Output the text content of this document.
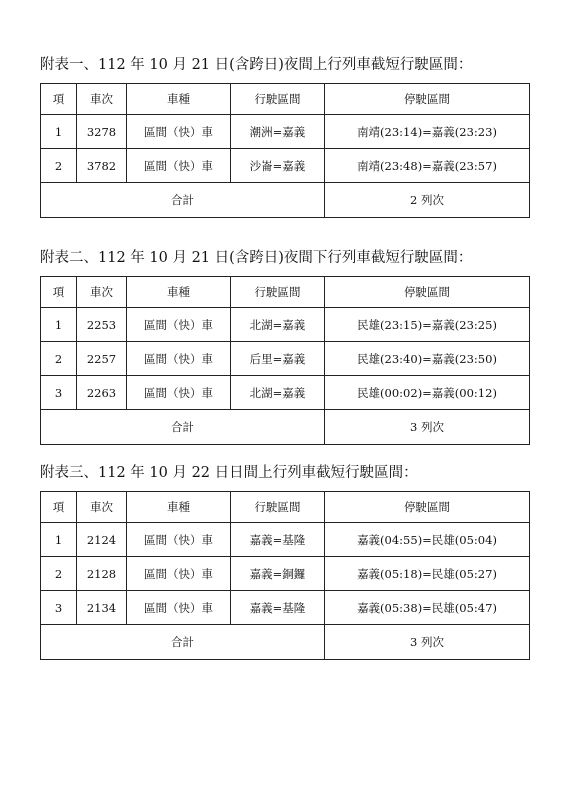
附表一、112 年 10 月 21 日(含跨日)夜間上行列車截短行駛區間：
項	車次	車種	行駛區間	停駛區間
1	3278	區間（快）車	潮洲=嘉義	南靖(23:14)=嘉義(23:23)
2	3782	區間（快）車	沙崙=嘉義	南靖(23:48)=嘉義(23:57)
合計				2 列次
附表二、112 年 10 月 21 日(含跨日)夜間下行列車截短行駛區間：
項	車次	車種	行駛區間	停駛區間
1	2253	區間（快）車	北湖=嘉義	民雄(23:15)=嘉義(23:25)
2	2257	區間（快）車	后里=嘉義	民雄(23:40)=嘉義(23:50)
3	2263	區間（快）車	北湖=嘉義	民雄(00:02)=嘉義(00:12)
合計				3 列次
附表三、112 年 10 月 22 日日間上行列車截短行駛區間：
項	車次	車種	行駛區間	停駛區間
1	2124	區間（快）車	嘉義=基隆	嘉義(04:55)=民雄(05:04)
2	2128	區間（快）車	嘉義=銅鑼	嘉義(05:18)=民雄(05:27)
3	2134	區間（快）車	嘉義=基隆	嘉義(05:38)=民雄(05:47)
合計				3 列次
